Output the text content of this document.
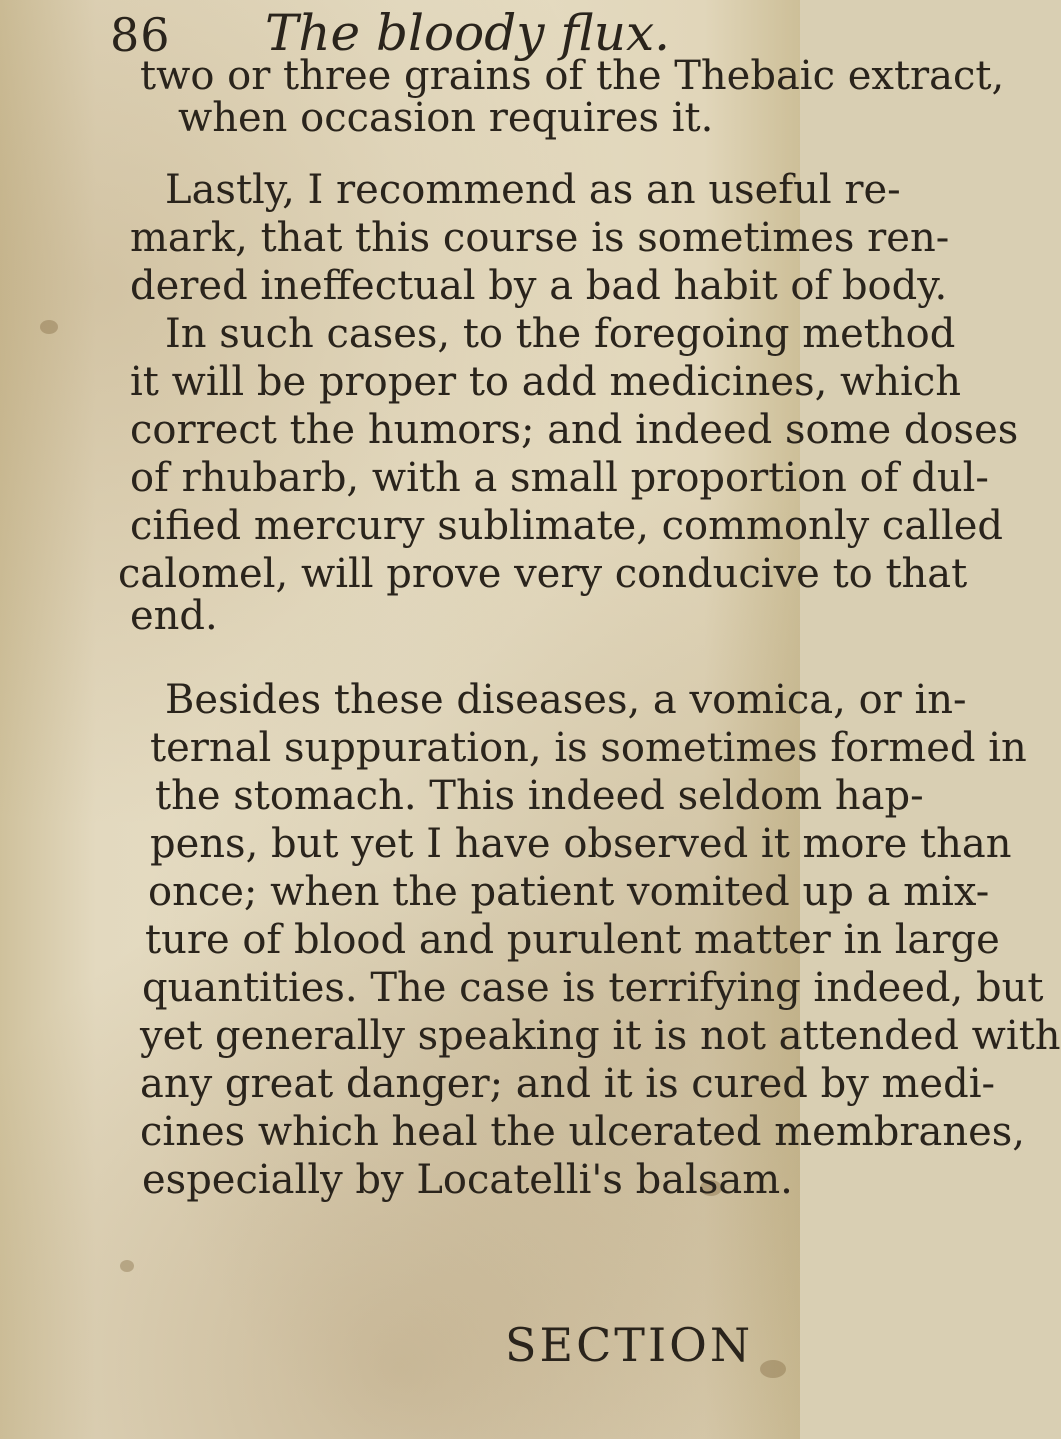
86 The bloody flux.
two or three grains of the Thebaic extract,
when occasion requires it.
Lastly, I recommend as an useful re-
mark, that this course is sometimes ren-
dered ineffectual by a bad habit of body.
In such cases, to the foregoing method
it will be proper to add medicines, which
correct the humors; and indeed some doses
of rhubarb, with a small proportion of dul-
cified mercury sublimate, commonly called
calomel, will prove very conducive to that
end.
Besides these diseases, a vomica, or in-
ternal suppuration, is sometimes formed in
the stomach. This indeed seldom hap-
pens, but yet I have observed it more than
once; when the patient vomited up a mix-
ture of blood and purulent matter in large
quantities. The case is terrifying indeed, but
yet generally speaking it is not attended with
any great danger; and it is cured by medi-
cines which heal the ulcerated membranes,
especially by Locatelli's balsam.
SECTION
